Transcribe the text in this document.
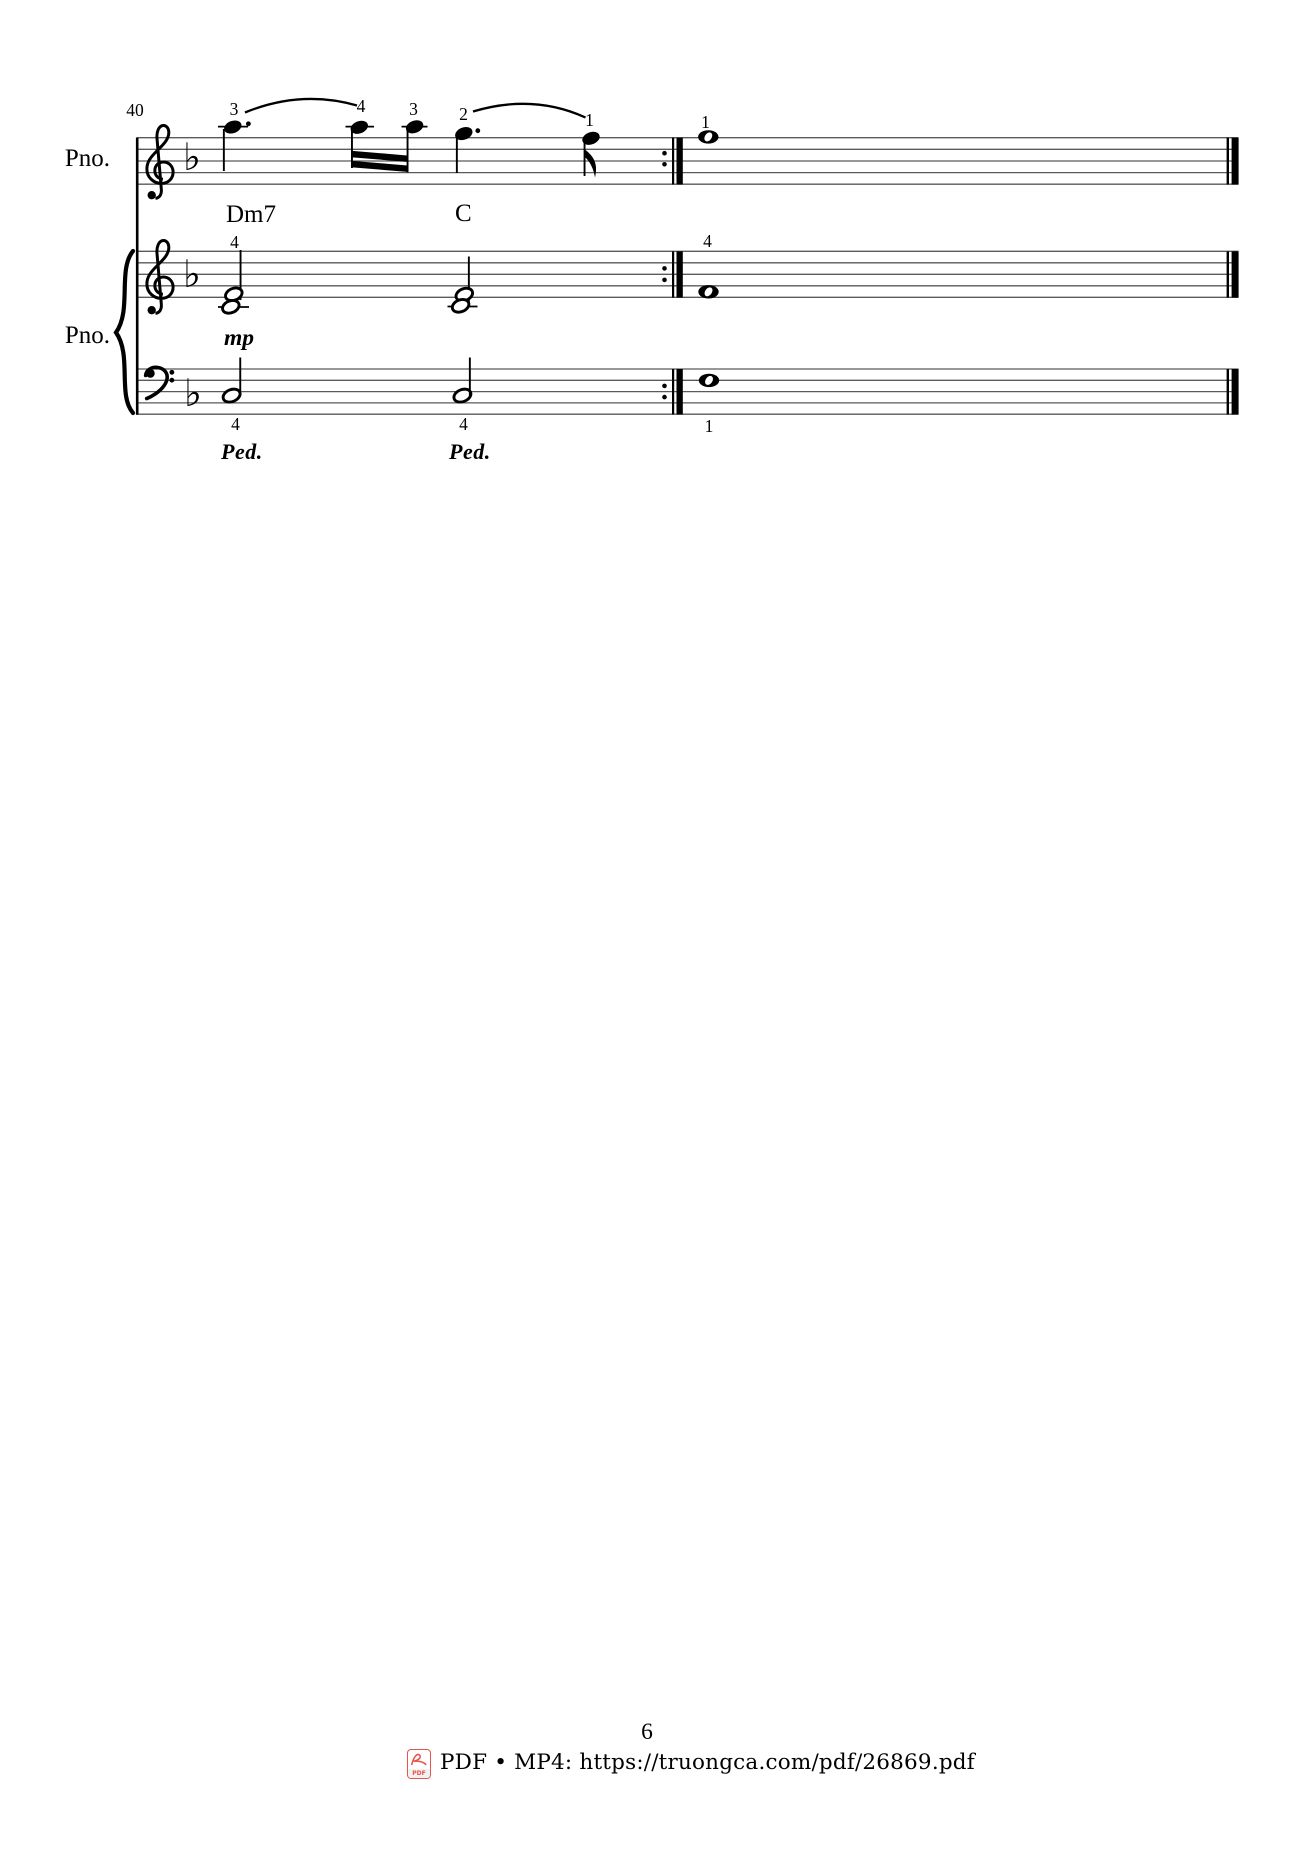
40
Pno.
Pno.
♭
♭
♭
Dm7	C
mp
Ped.	Ped.
3	4	3 2	1	1
4	4
4	4	1
6
PDF PDF • MP4: https://truongca.com/pdf/26869.pdf
